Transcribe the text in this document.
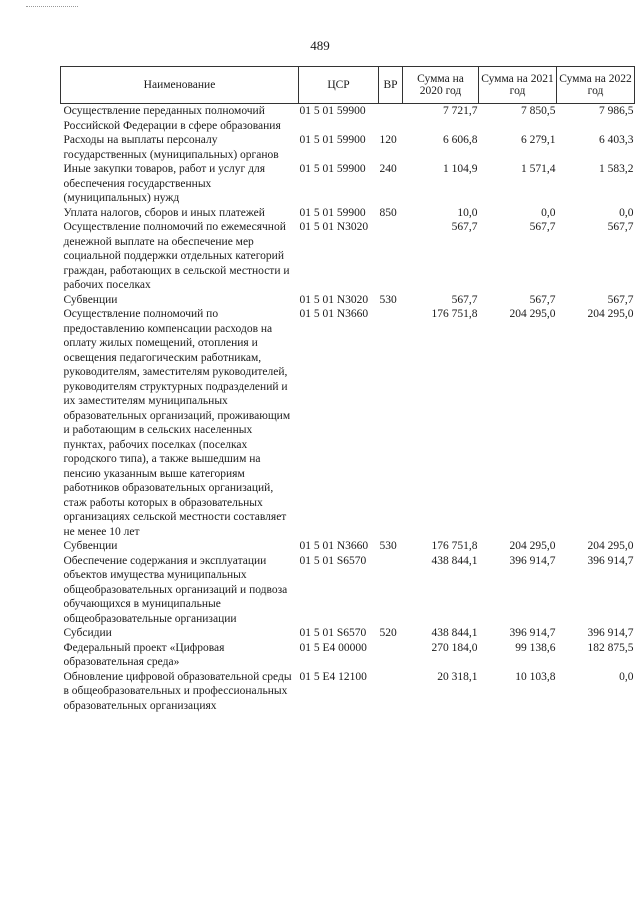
489
Наименование	ЦСР	ВР	Сумма на 2020 год	Сумма на 2021 год	Сумма на 2022 год
Осуществление переданных полномочий Российской Федерации в сфере образования	01 5 01 59900		7 721,7	7 850,5	7 986,5
Расходы на выплаты персоналу государственных (муниципальных) органов	01 5 01 59900	120	6 606,8	6 279,1	6 403,3
Иные закупки товаров, работ и услуг для обеспечения государственных (муниципальных) нужд	01 5 01 59900	240	1 104,9	1 571,4	1 583,2
Уплата налогов, сборов и иных платежей	01 5 01 59900	850	10,0	0,0	0,0
Осуществление полномочий по ежемесячной денежной выплате на обеспечение мер социальной поддержки отдельных категорий граждан, работающих в сельской местности и рабочих поселках	01 5 01 N3020		567,7	567,7	567,7
Субвенции	01 5 01 N3020	530	567,7	567,7	567,7
Осуществление полномочий по предоставлению компенсации расходов на оплату жилых помещений, отопления и освещения педагогическим работникам, руководителям, заместителям руководителей, руководителям структурных подразделений и их заместителям муниципальных образовательных организаций, проживающим и работающим в сельских населенных пунктах, рабочих поселках (поселках городского типа), а также вышедшим на пенсию указанным выше категориям работников образовательных организаций, стаж работы которых в образовательных организациях сельской местности составляет не менее 10 лет	01 5 01 N3660		176 751,8	204 295,0	204 295,0
Субвенции	01 5 01 N3660	530	176 751,8	204 295,0	204 295,0
Обеспечение содержания и эксплуатации объектов имущества муниципальных общеобразовательных организаций и подвоза обучающихся в муниципальные общеобразовательные организации	01 5 01 S6570		438 844,1	396 914,7	396 914,7
Субсидии	01 5 01 S6570	520	438 844,1	396 914,7	396 914,7
Федеральный проект «Цифровая образовательная среда»	01 5 E4 00000		270 184,0	99 138,6	182 875,5
Обновление цифровой образовательной среды в общеобразовательных и профессиональных образовательных организациях	01 5 E4 12100		20 318,1	10 103,8	0,0
